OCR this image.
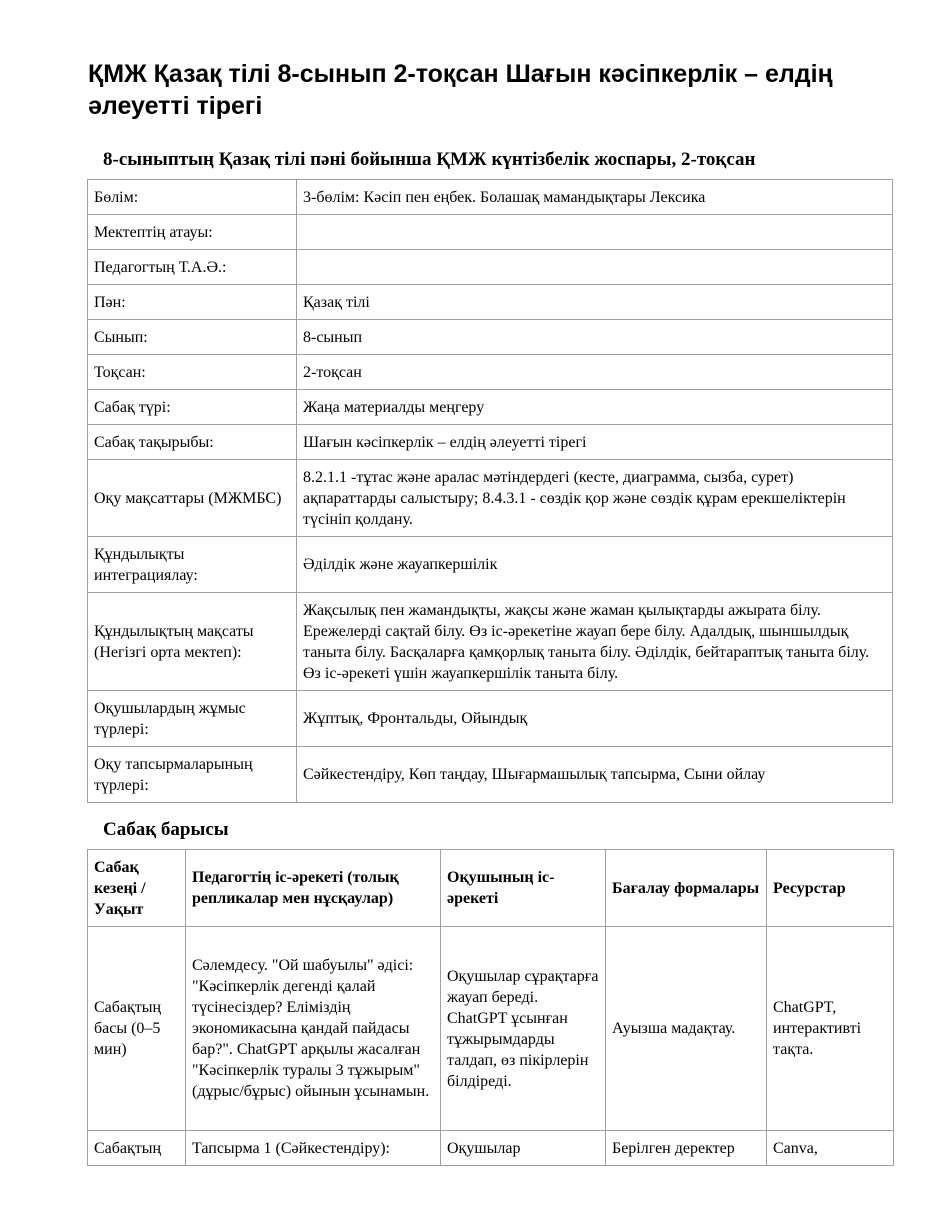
ҚМЖ Қазақ тілі 8-сынып 2-тоқсан Шағын кәсіпкерлік – елдің әлеуетті тірегі
8-сыныптың Қазақ тілі пәні бойынша ҚМЖ күнтізбелік жоспары, 2-тоқсан
Бөлім:	3-бөлім: Кәсіп пен еңбек. Болашақ мамандықтары Лексика
Мектептің атауы:	
Педагогтың Т.А.Ә.:	
Пән:	Қазақ тілі
Сынып:	8-сынып
Тоқсан:	2-тоқсан
Сабақ түрі:	Жаңа материалды меңгеру
Сабақ тақырыбы:	Шағын кәсіпкерлік – елдің әлеуетті тірегі
Оқу мақсаттары (МЖМБС)	8.2.1.1 -тұтас және аралас мәтіндердегі (кесте, диаграмма, сызба, сурет) ақпараттарды салыстыру; 8.4.3.1 - сөздік қор және сөздік құрам ерекшеліктерін түсініп қолдану.
Құндылықты интеграциялау:	Әділдік және жауапкершілік
Құндылықтың мақсаты (Негізгі орта мектеп):	Жақсылық пен жамандықты, жақсы және жаман қылықтарды ажырата білу. Ережелерді сақтай білу. Өз іс-әрекетіне жауап бере білу. Адалдық, шыншылдық таныта білу. Басқаларға қамқорлық таныта білу. Әділдік, бейтараптық таныта білу. Өз іс-әрекеті үшін жауапкершілік таныта білу.
Оқушылардың жұмыс түрлері:	Жұптық, Фронтальды, Ойындық
Оқу тапсырмаларының түрлері:	Сәйкестендіру, Көп таңдау, Шығармашылық тапсырма, Сыни ойлау
Сабақ барысы
Сабақ кезеңі / Уақыт	Педагогтің іс-әрекеті (толық репликалар мен нұсқаулар)	Оқушының іс-әрекеті	Бағалау формалары	Ресурстар
Сабақтың басы (0–5 мин)	Сәлемдесу. "Ой шабуылы" әдісі: "Кәсіпкерлік дегенді қалай түсінесіздер? Еліміздің экономикасына қандай пайдасы бар?". ChatGPT арқылы жасалған "Кәсіпкерлік туралы 3 тұжырым" (дұрыс/бұрыс) ойынын ұсынамын.	Оқушылар сұрақтарға жауап береді. ChatGPT ұсынған тұжырымдарды талдап, өз пікірлерін білдіреді.	Ауызша мадақтау.	ChatGPT, интерактивті тақта.
Сабақтың	Тапсырма 1 (Сәйкестендіру):	Оқушылар	Берілген деректер	Canva,
